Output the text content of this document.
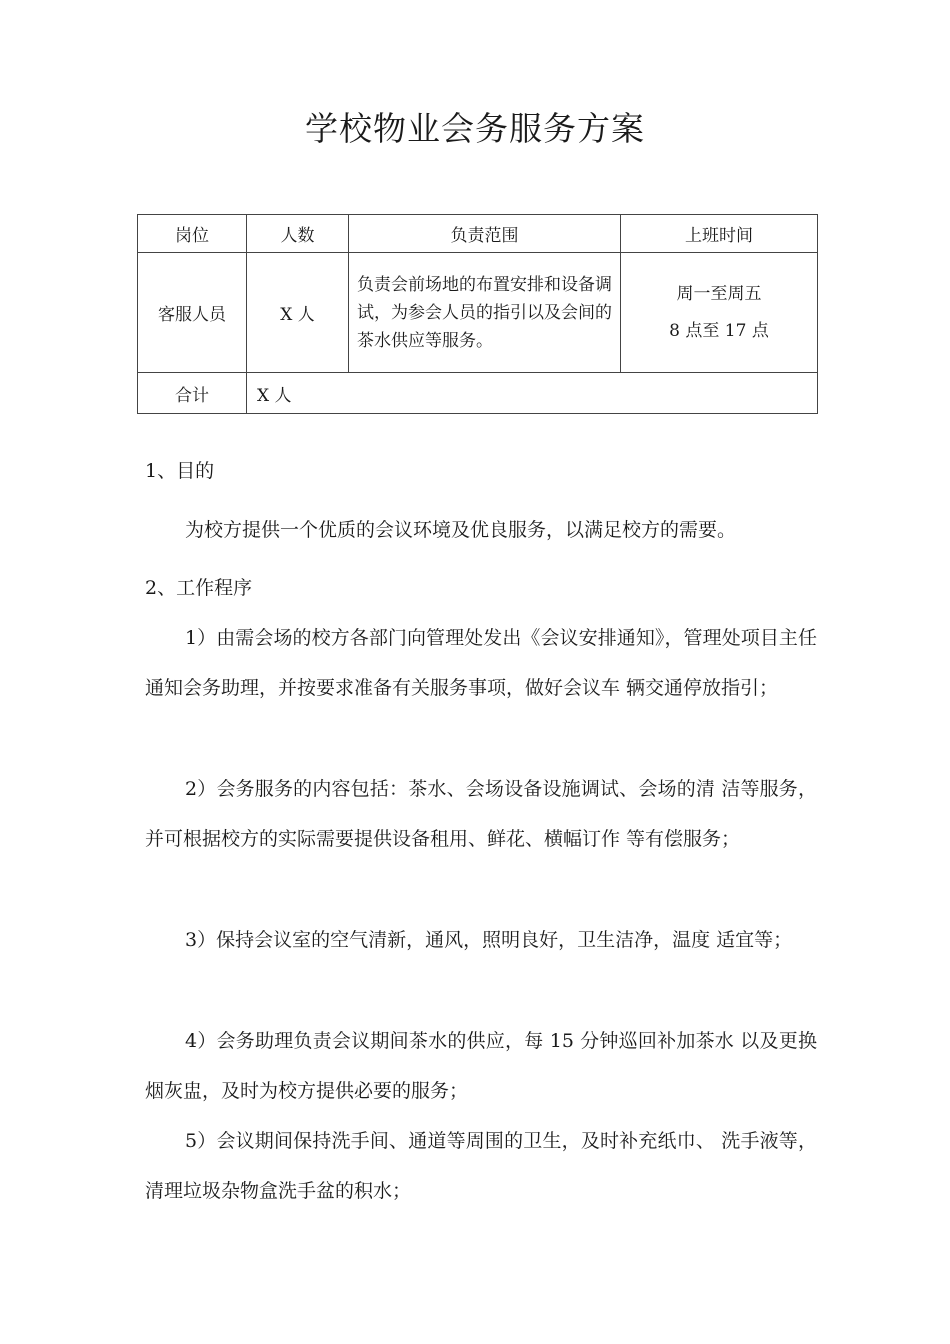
学校物业会务服务方案
岗位	人数	负责范围	上班时间
客服人员	X 人	负责会前场地的布置安排和设备调试，为参会人员的指引以及会间的茶水供应等服务。	周一至周五
8 点至 17 点

合计	X 人		

1、目的

为校方提供一个优质的会议环境及优良服务，以满足校方的需要。

2、工作程序

1）由需会场的校方各部门向管理处发出《会议安排通知》，管理处项目主任通知会务助理，并按要求准备有关服务事项，做好会议车 辆交通停放指引；

2）会务服务的内容包括：茶水、会场设备设施调试、会场的清 洁等服务，并可根据校方的实际需要提供设备租用、鲜花、横幅订作 等有偿服务；

3）保持会议室的空气清新，通风，照明良好，卫生洁净，温度 适宜等；

4）会务助理负责会议期间茶水的供应，每 15 分钟巡回补加茶水 以及更换烟灰盅，及时为校方提供必要的服务；

5）会议期间保持洗手间、通道等周围的卫生，及时补充纸巾、 洗手液等，清理垃圾杂物盒洗手盆的积水；
